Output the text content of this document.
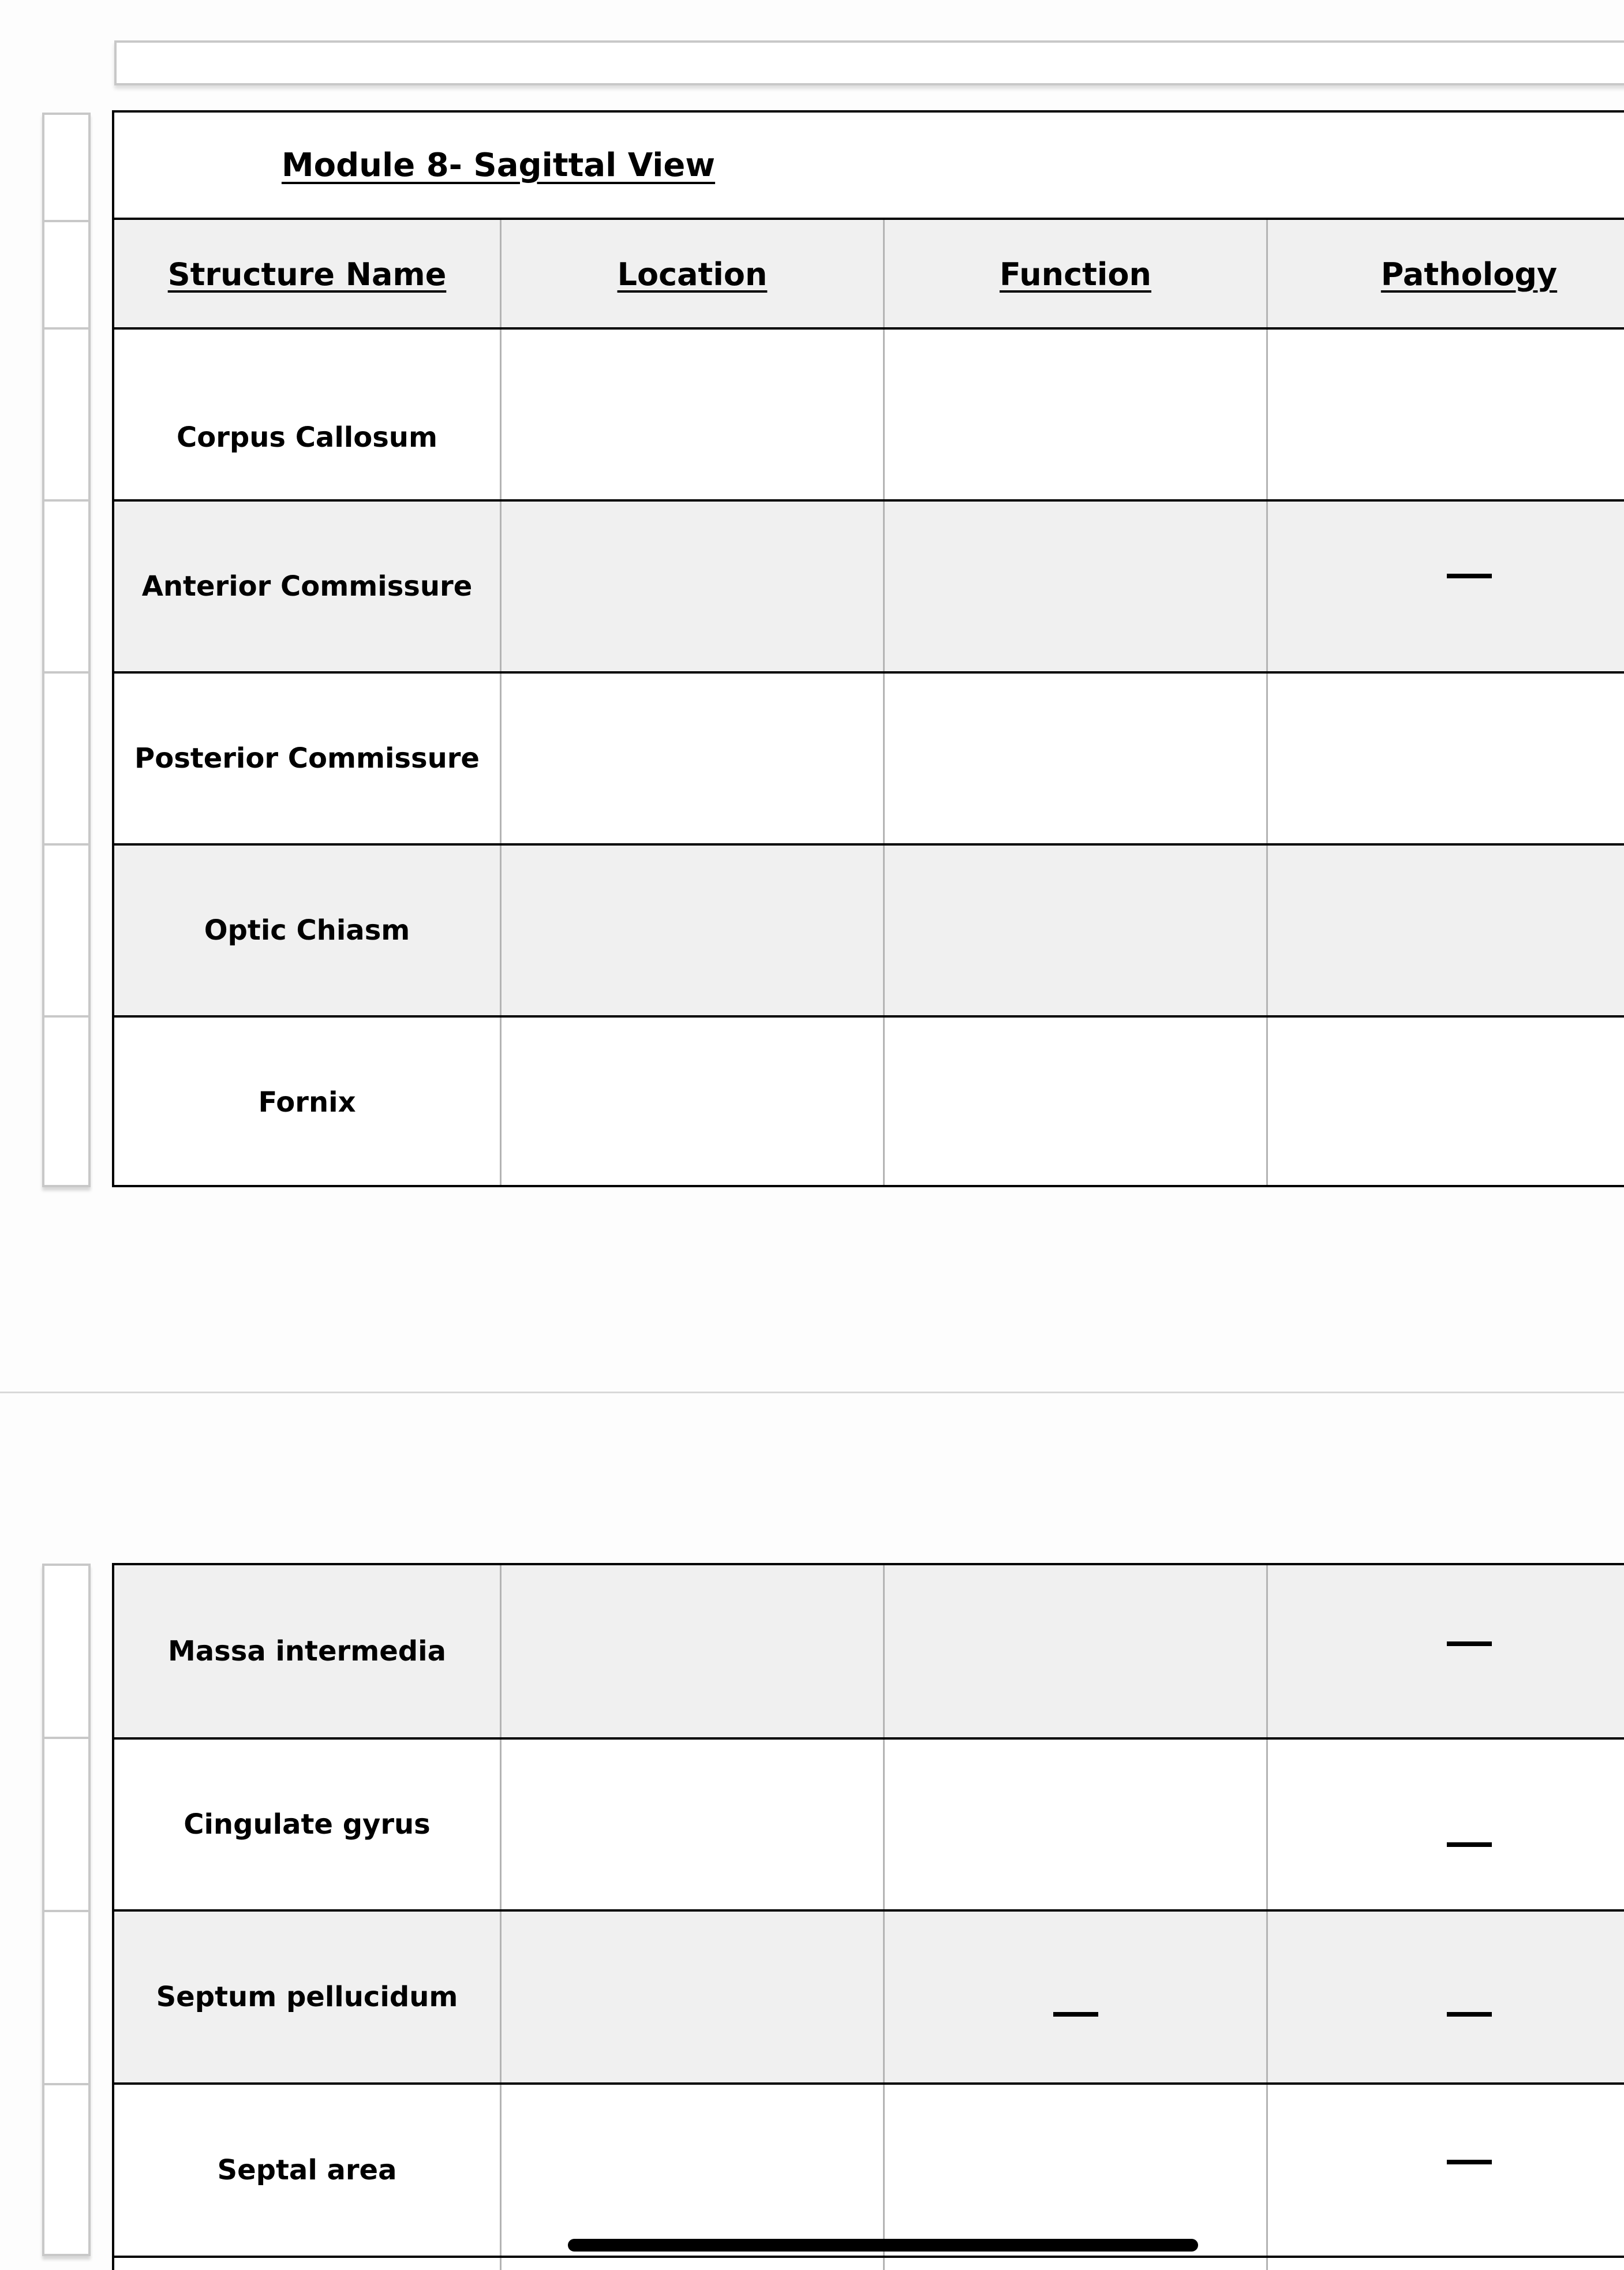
Module 8- Sagittal View
Structure Name	Location	Function	Pathology
Corpus Callosum
Anterior Commissure
Posterior Commissure
Optic Chiasm
Fornix
Massa intermedia
Cingulate gyrus
Septum pellucidum
Septal area
